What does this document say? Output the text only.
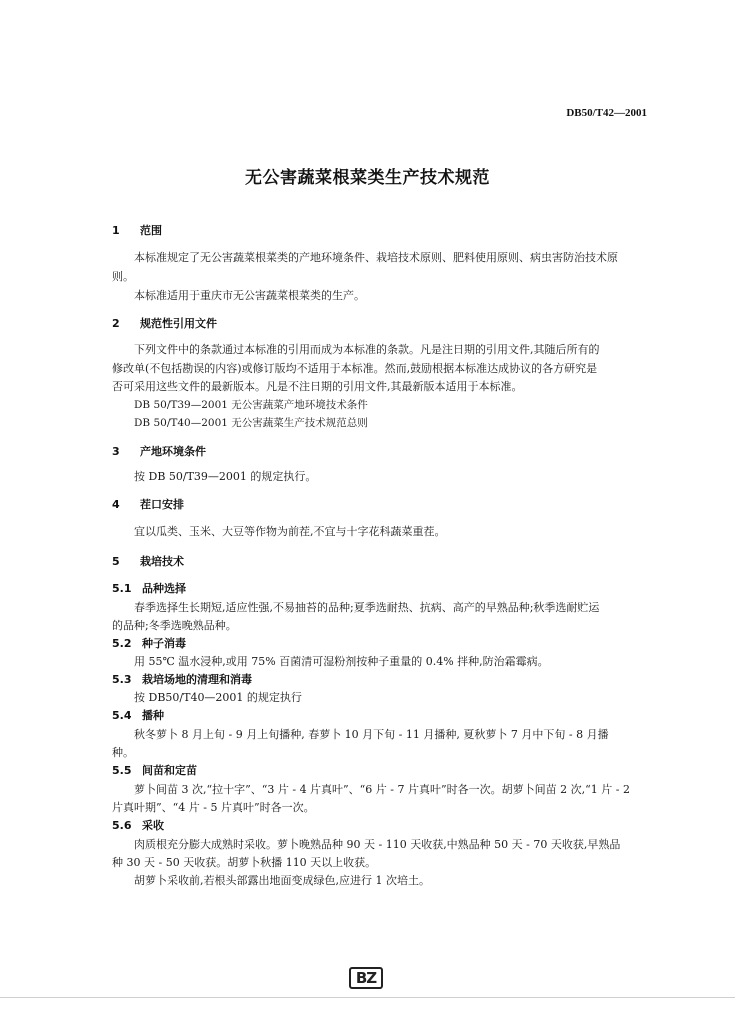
DB50/T42—2001
无公害蔬菜根菜类生产技术规范
1 范围
本标准规定了无公害蔬菜根菜类的产地环境条件、栽培技术原则、肥料使用原则、病虫害防治技术原
则。
本标准适用于重庆市无公害蔬菜根菜类的生产。
2 规范性引用文件
下列文件中的条款通过本标准的引用而成为本标准的条款。凡是注日期的引用文件,其随后所有的
修改单(不包括勘误的内容)或修订版均不适用于本标准。然而,鼓励根据本标准达成协议的各方研究是
否可采用这些文件的最新版本。凡是不注日期的引用文件,其最新版本适用于本标准。
DB 50/T39—2001 无公害蔬菜产地环境技术条件
DB 50/T40—2001 无公害蔬菜生产技术规范总则
3 产地环境条件
按 DB 50/T39—2001 的规定执行。
4 茬口安排
宜以瓜类、玉米、大豆等作物为前茬,不宜与十字花科蔬菜重茬。
5 栽培技术
5.1 品种选择
春季选择生长期短,适应性强,不易抽苔的品种;夏季选耐热、抗病、高产的早熟品种;秋季选耐贮运
的品种;冬季选晚熟品种。
5.2 种子消毒
用 55℃ 温水浸种,或用 75% 百菌清可湿粉剂按种子重量的 0.4% 拌种,防治霜霉病。
5.3 栽培场地的清理和消毒
按 DB50/T40—2001 的规定执行
5.4 播种
秋冬萝卜 8 月上旬 - 9 月上旬播种, 春萝卜 10 月下旬 - 11 月播种, 夏秋萝卜 7 月中下旬 - 8 月播
种。
5.5 间苗和定苗
萝卜间苗 3 次,“拉十字”、“3 片 - 4 片真叶”、“6 片 - 7 片真叶”时各一次。胡萝卜间苗 2 次,“1 片 - 2
片真叶期”、“4 片 - 5 片真叶”时各一次。
5.6 采收
肉质根充分膨大成熟时采收。萝卜晚熟品种 90 天 - 110 天收获,中熟品种 50 天 - 70 天收获,早熟品
种 30 天 - 50 天收获。胡萝卜秋播 110 天以上收获。
胡萝卜采收前,若根头部露出地面变成绿色,应进行 1 次培土。
BZ
